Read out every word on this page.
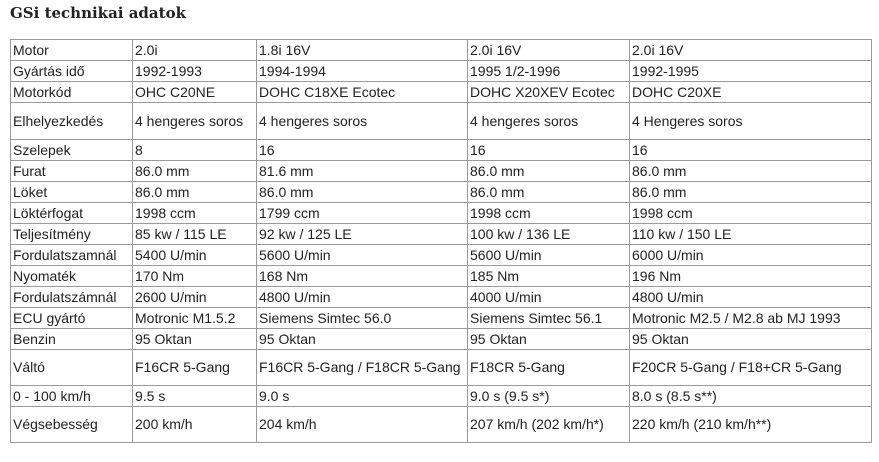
GSi technikai adatok
Motor	2.0i	1.8i 16V	2.0i 16V	2.0i 16V
Gyártás idő	1992-1993	1994-1994	1995 1/2-1996	1992-1995
Motorkód	OHC C20NE	DOHC C18XE Ecotec	DOHC X20XEV Ecotec	DOHC C20XE
Elhelyezkedés	4 hengeres soros	4 hengeres soros	4 hengeres soros	4 Hengeres soros
Szelepek	8	16	16	16
Furat	86.0 mm	81.6 mm	86.0 mm	86.0 mm
Löket	86.0 mm	86.0 mm	86.0 mm	86.0 mm
Löktérfogat	1998 ccm	1799 ccm	1998 ccm	1998 ccm
Teljesítmény	85 kw / 115 LE	92 kw / 125 LE	100 kw / 136 LE	110 kw / 150 LE
Fordulatszamnál	5400 U/min	5600 U/min	5600 U/min	6000 U/min
Nyomaték	170 Nm	168 Nm	185 Nm	196 Nm
Fordulatszámnál	2600 U/min	4800 U/min	4000 U/min	4800 U/min
ECU gyártó	Motronic M1.5.2	Siemens Simtec 56.0	Siemens Simtec 56.1	Motronic M2.5 / M2.8 ab MJ 1993
Benzin	95 Oktan	95 Oktan	95 Oktan	95 Oktan
Váltó	F16CR 5-Gang	F16CR 5-Gang / F18CR 5-Gang	F18CR 5-Gang	F20CR 5-Gang / F18+CR 5-Gang
0 - 100 km/h	9.5 s	9.0 s	9.0 s (9.5 s*)	8.0 s (8.5 s**)
Végsebesség	200 km/h	204 km/h	207 km/h (202 km/h*)	220 km/h (210 km/h**)
